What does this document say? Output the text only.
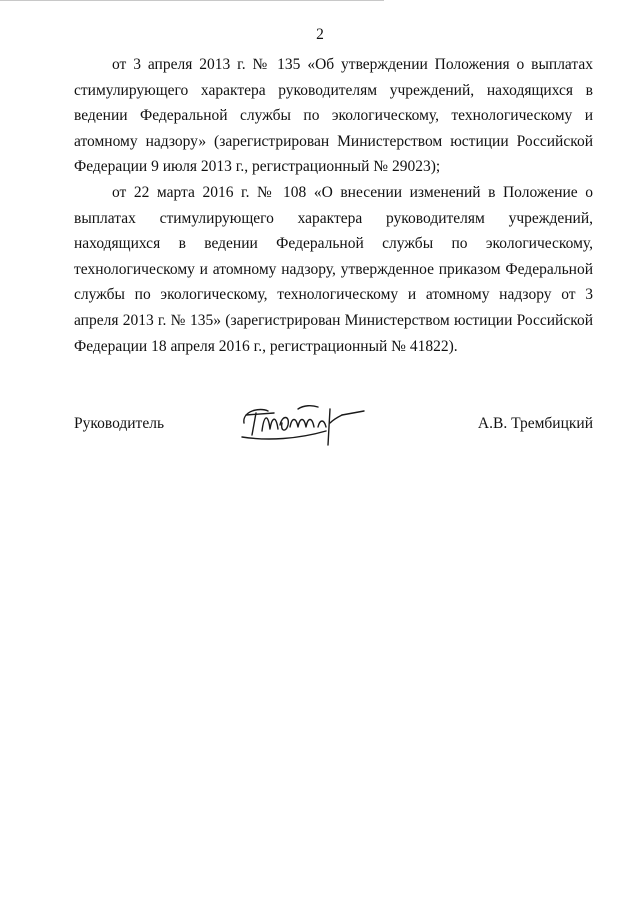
2

от 3 апреля 2013 г. № 135 «Об утверждении Положения о выплатах стимулирующего характера руководителям учреждений, находящихся в ведении Федеральной службы по экологическому, технологическому и атомному надзору» (зарегистрирован Министерством юстиции Российской Федерации 9 июля 2013 г., регистрационный № 29023);

от 22 марта 2016 г. № 108 «О внесении изменений в Положение о выплатах стимулирующего характера руководителям учреждений, находящихся в ведении Федеральной службы по экологическому, технологическому и атомному надзору, утвержденное приказом Федеральной службы по экологическому, технологическому и атомному надзору от 3 апреля 2013 г. № 135» (зарегистрирован Министерством юстиции Российской Федерации 18 апреля 2016 г., регистрационный № 41822).

Руководитель	А.В. Трембицкий
